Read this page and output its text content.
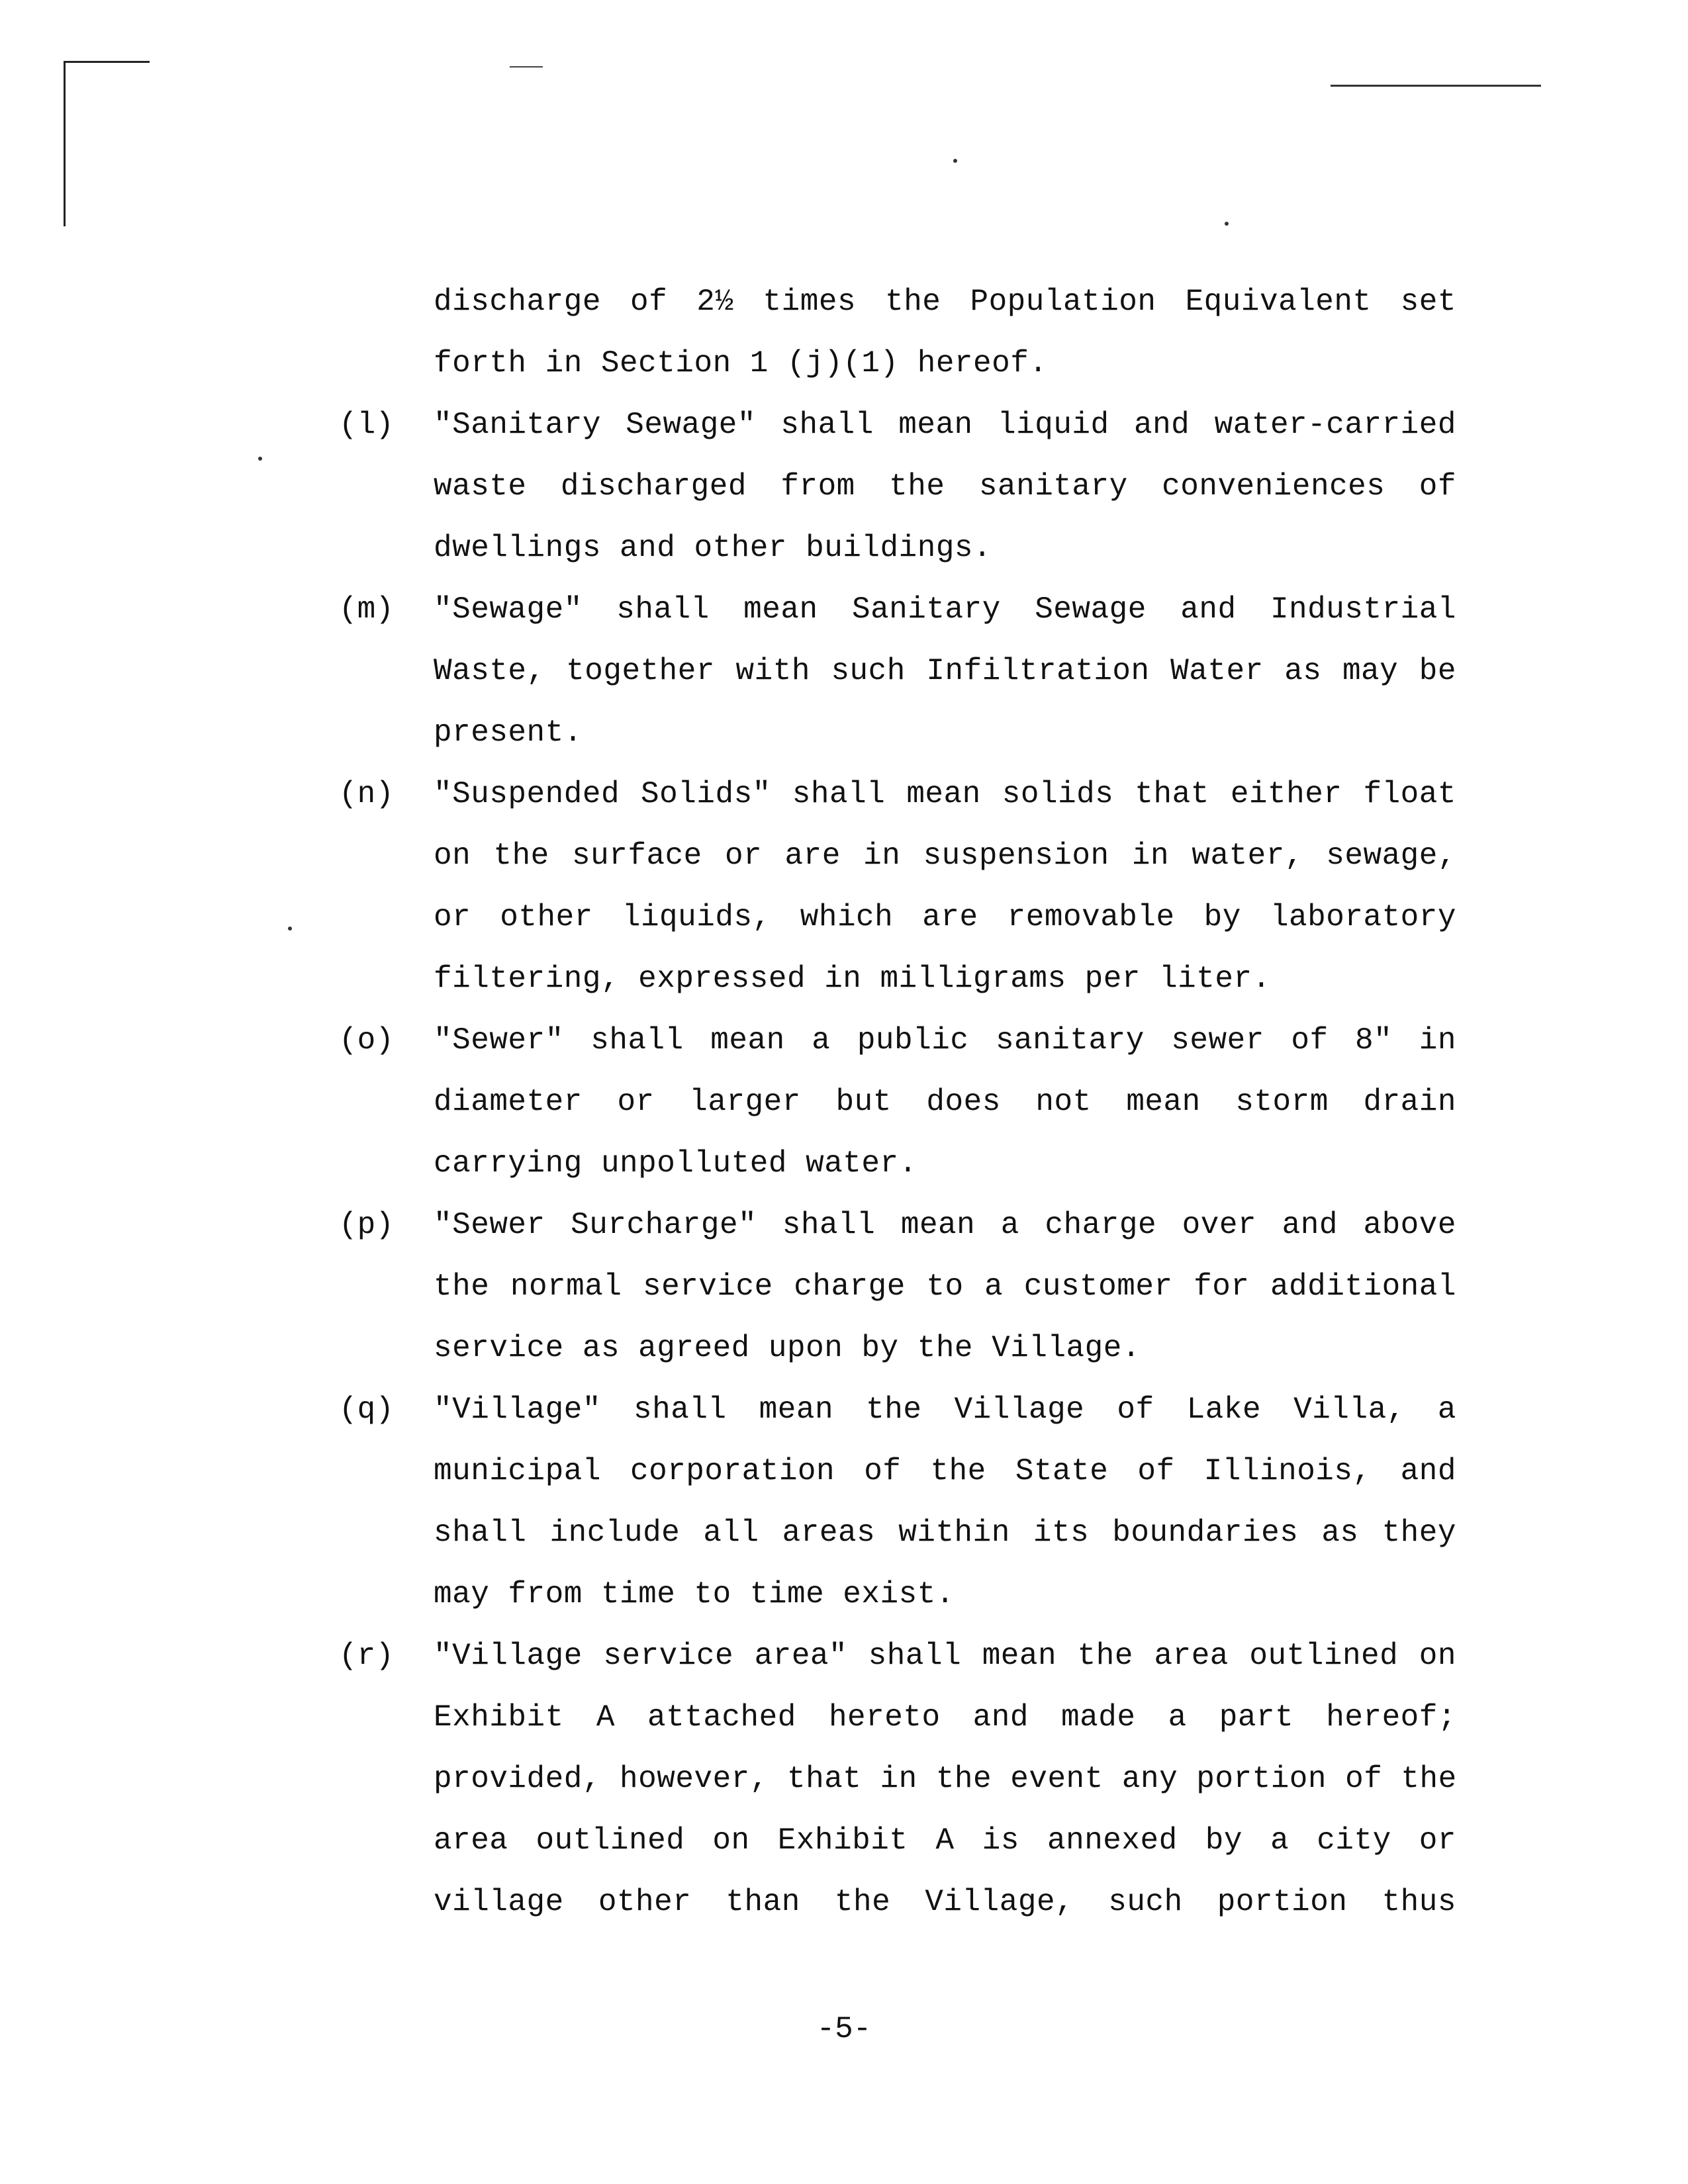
discharge of 2½ times the Population Equivalent set
forth in Section 1 (j)(1) hereof.
(l) "Sanitary Sewage" shall mean liquid and water-carried
waste discharged from the sanitary conveniences of
dwellings and other buildings.
(m) "Sewage" shall mean Sanitary Sewage and Industrial
Waste, together with such Infiltration Water as may be
present.
(n) "Suspended Solids" shall mean solids that either float
on the surface or are in suspension in water, sewage,
or other liquids, which are removable by laboratory
filtering, expressed in milligrams per liter.
(o) "Sewer" shall mean a public sanitary sewer of 8" in
diameter or larger but does not mean storm drain
carrying unpolluted water.
(p) "Sewer Surcharge" shall mean a charge over and above
the normal service charge to a customer for additional
service as agreed upon by the Village.
(q) "Village" shall mean the Village of Lake Villa, a
municipal corporation of the State of Illinois, and
shall include all areas within its boundaries as they
may from time to time exist.
(r) "Village service area" shall mean the area outlined on
Exhibit A attached hereto and made a part hereof;
provided, however, that in the event any portion of the
area outlined on Exhibit A is annexed by a city or
village other than the Village, such portion thus
-5-
